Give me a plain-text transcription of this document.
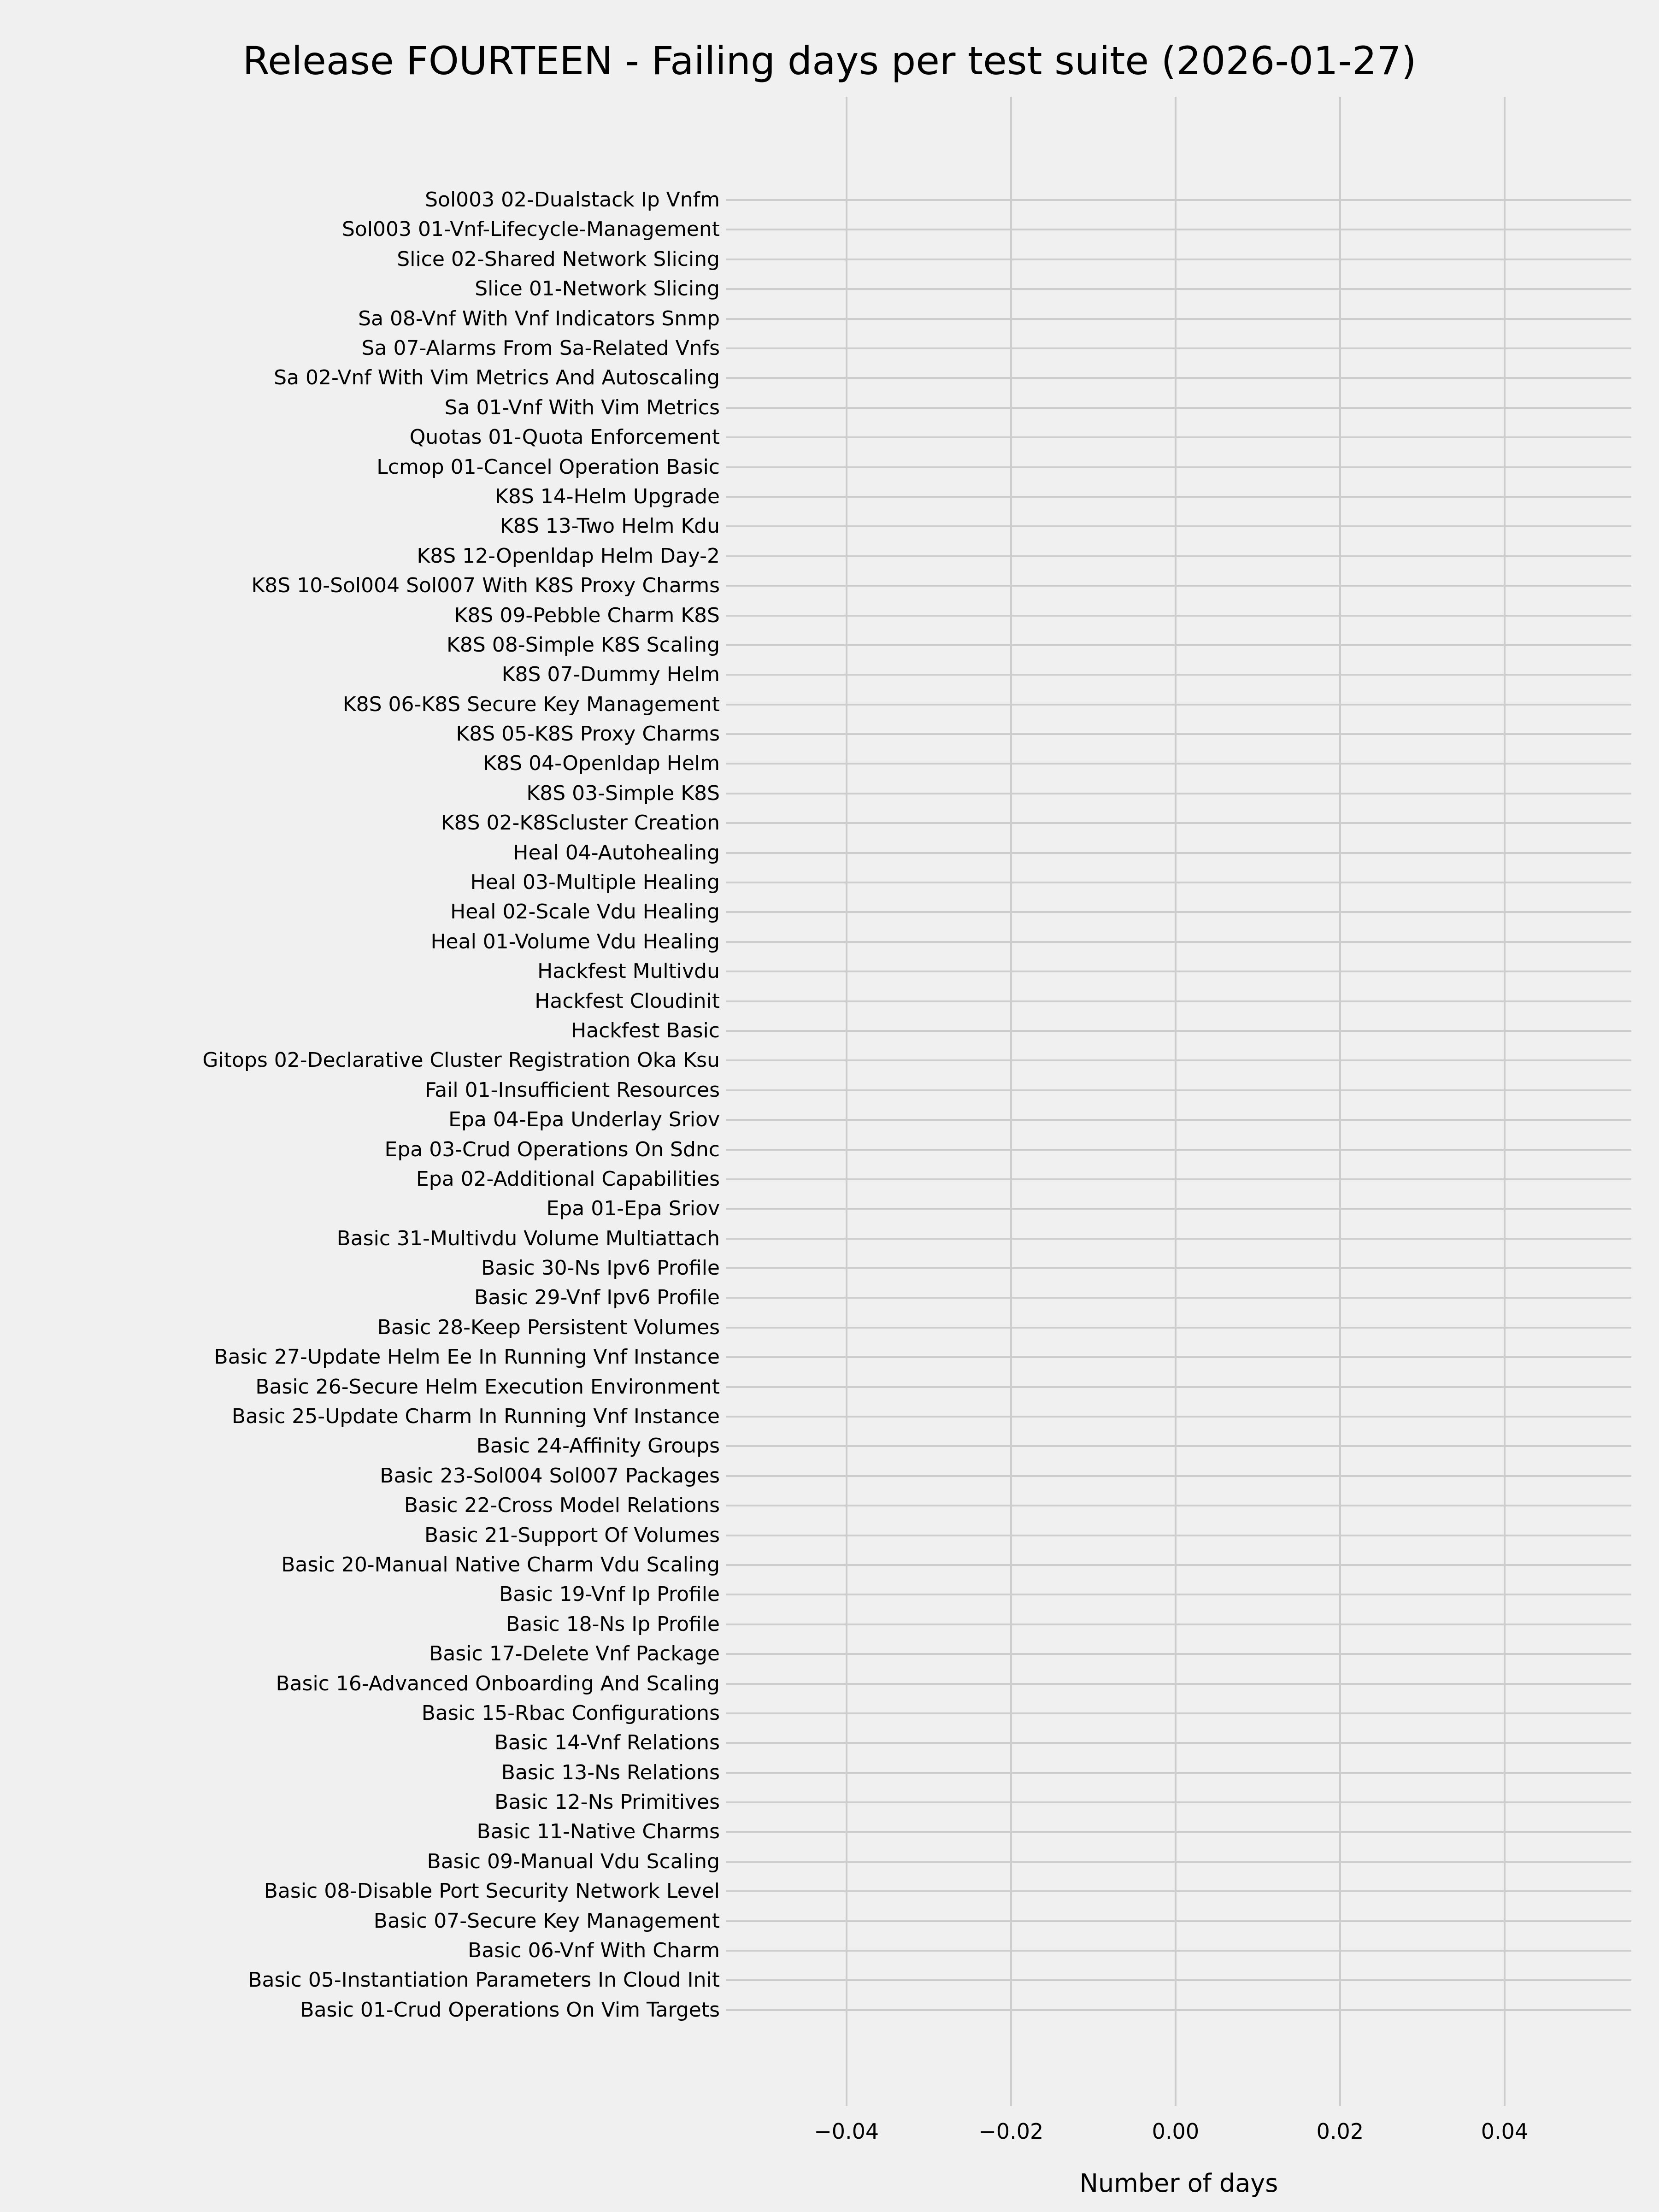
Release FOURTEEN - Failing days per test suite (2026-01-27)
Sol003 02-Dualstack Ip Vnfm
Sol003 01-Vnf-Lifecycle-Management
Slice 02-Shared Network Slicing
Slice 01-Network Slicing
Sa 08-Vnf With Vnf Indicators Snmp
Sa 07-Alarms From Sa-Related Vnfs
Sa 02-Vnf With Vim Metrics And Autoscaling
Sa 01-Vnf With Vim Metrics
Quotas 01-Quota Enforcement
Lcmop 01-Cancel Operation Basic
K8S 14-Helm Upgrade
K8S 13-Two Helm Kdu
K8S 12-Openldap Helm Day-2
K8S 10-Sol004 Sol007 With K8S Proxy Charms
K8S 09-Pebble Charm K8S
K8S 08-Simple K8S Scaling
K8S 07-Dummy Helm
K8S 06-K8S Secure Key Management
K8S 05-K8S Proxy Charms
K8S 04-Openldap Helm
K8S 03-Simple K8S
K8S 02-K8Scluster Creation
Heal 04-Autohealing
Heal 03-Multiple Healing
Heal 02-Scale Vdu Healing
Heal 01-Volume Vdu Healing
Hackfest Multivdu
Hackfest Cloudinit
Hackfest Basic
Gitops 02-Declarative Cluster Registration Oka Ksu
Fail 01-Insufficient Resources
Epa 04-Epa Underlay Sriov
Epa 03-Crud Operations On Sdnc
Epa 02-Additional Capabilities
Epa 01-Epa Sriov
Basic 31-Multivdu Volume Multiattach
Basic 30-Ns Ipv6 Profile
Basic 29-Vnf Ipv6 Profile
Basic 28-Keep Persistent Volumes
Basic 27-Update Helm Ee In Running Vnf Instance
Basic 26-Secure Helm Execution Environment
Basic 25-Update Charm In Running Vnf Instance
Basic 24-Affinity Groups
Basic 23-Sol004 Sol007 Packages
Basic 22-Cross Model Relations
Basic 21-Support Of Volumes
Basic 20-Manual Native Charm Vdu Scaling
Basic 19-Vnf Ip Profile
Basic 18-Ns Ip Profile
Basic 17-Delete Vnf Package
Basic 16-Advanced Onboarding And Scaling
Basic 15-Rbac Configurations
Basic 14-Vnf Relations
Basic 13-Ns Relations
Basic 12-Ns Primitives
Basic 11-Native Charms
Basic 09-Manual Vdu Scaling
Basic 08-Disable Port Security Network Level
Basic 07-Secure Key Management
Basic 06-Vnf With Charm
Basic 05-Instantiation Parameters In Cloud Init
Basic 01-Crud Operations On Vim Targets
−0.04	−0.02	0.00	0.02	0.04
Number of days
